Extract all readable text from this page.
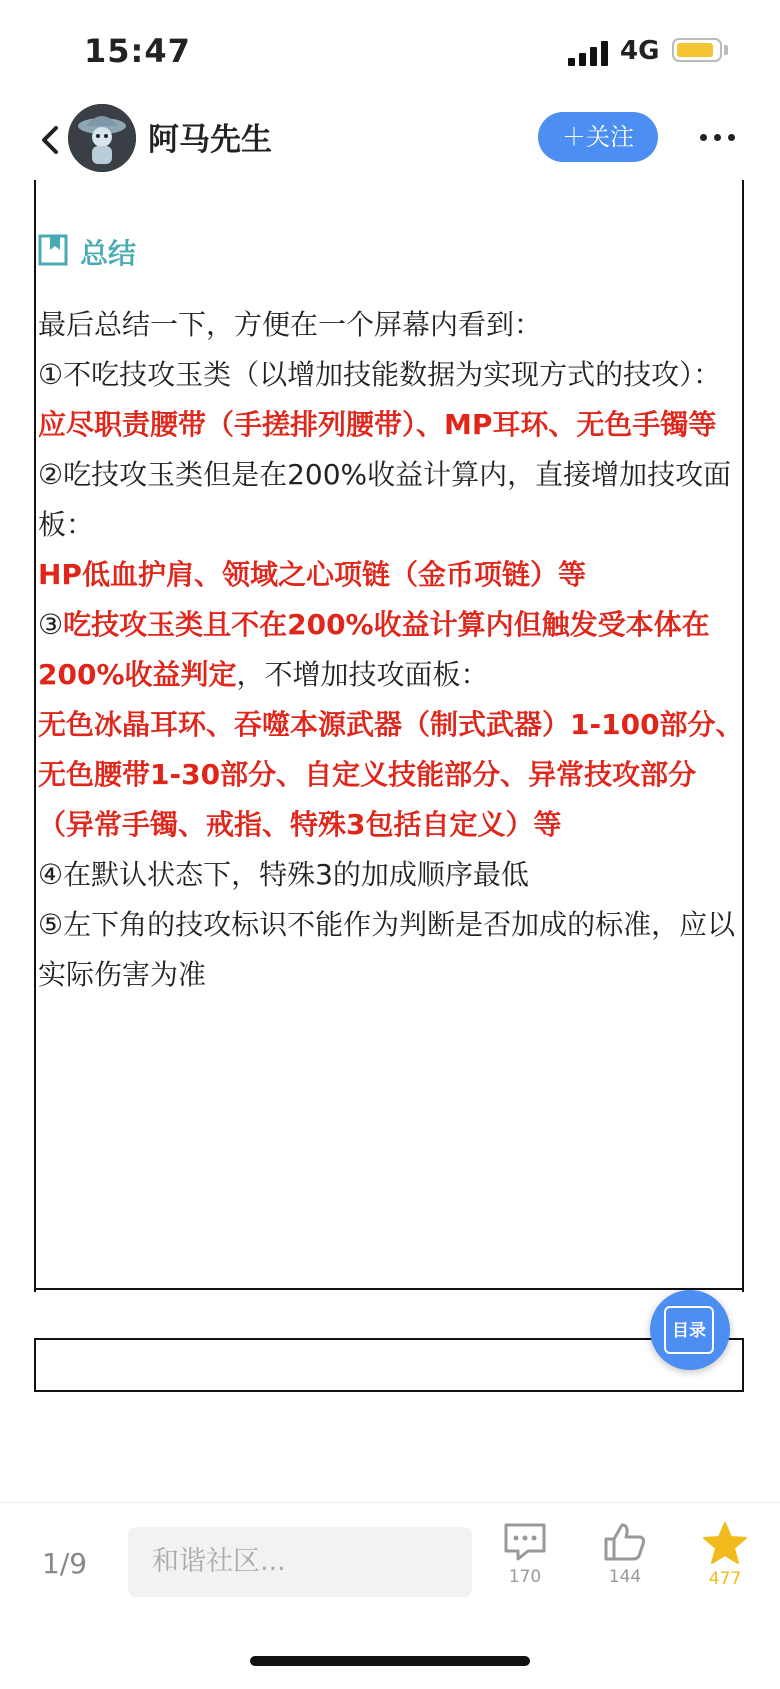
15:47	4G
阿马先生	＋关注
总结

最后总结一下，方便在一个屏幕内看到：

①不吃技攻玉类（以增加技能数据为实现方式的技攻）：

应尽职责腰带（手搓排列腰带）、MP耳环、无色手镯等

②吃技攻玉类但是在200%收益计算内，直接增加技攻面板：

HP低血护肩、领域之心项链（金币项链）等

③吃技攻玉类且不在200%收益计算内但触发受本体在200%收益判定，不增加技攻面板：

无色冰晶耳环、吞噬本源武器（制式武器）1-100部分、无色腰带1-30部分、自定义技能部分、异常技攻部分（异常手镯、戒指、特殊3包括自定义）等

④在默认状态下，特殊3的加成顺序最低

⑤左下角的技攻标识不能作为判断是否加成的标准，应以实际伤害为准

目录
1/9	和谐社区...	170	144	477
